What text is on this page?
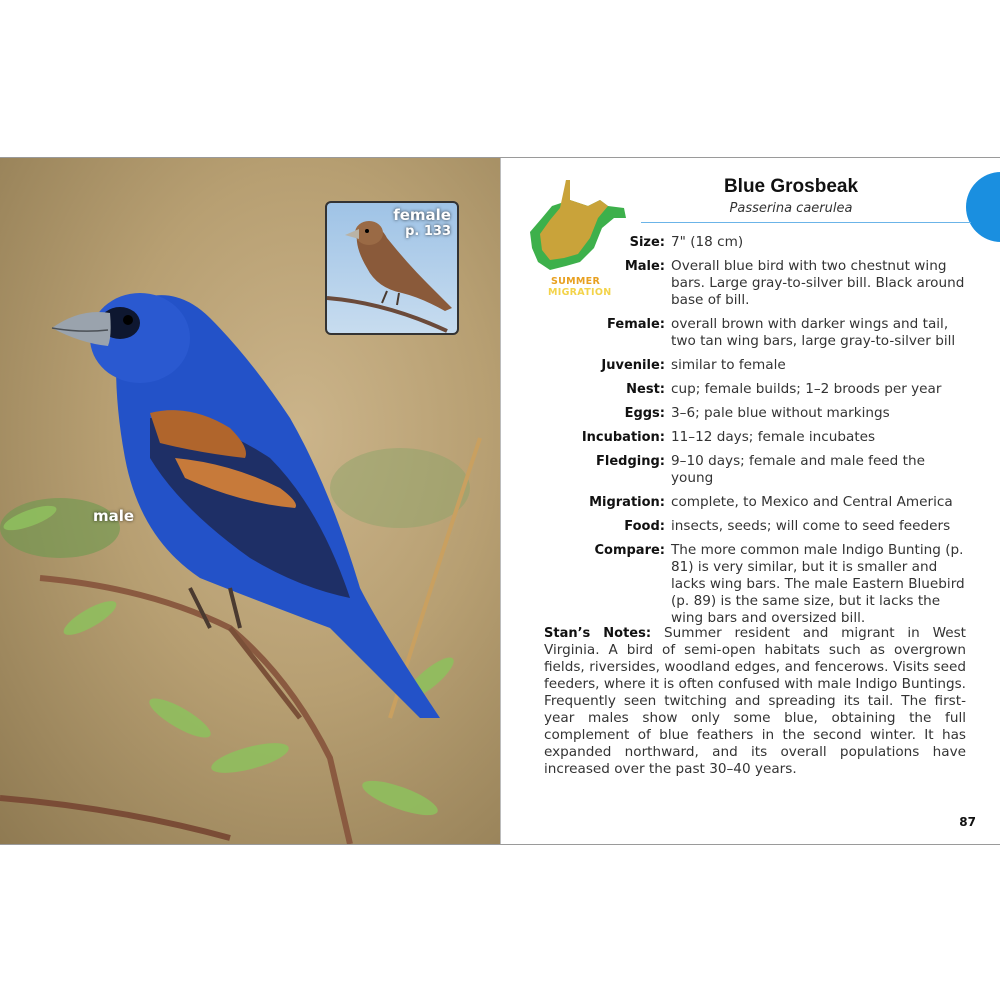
male
female
p. 133
SUMMER
MIGRATION
Blue Grosbeak
Passerina caerulea
Size: 7" (18 cm)
Male: Overall blue bird with two chestnut wing bars. Large gray-to-silver bill. Black around base of bill.
Female: overall brown with darker wings and tail, two tan wing bars, large gray-to-silver bill
Juvenile: similar to female
Nest: cup; female builds; 1–2 broods per year
Eggs: 3–6; pale blue without markings
Incubation: 11–12 days; female incubates
Fledging: 9–10 days; female and male feed the young
Migration: complete, to Mexico and Central America
Food: insects, seeds; will come to seed feeders
Compare: The more common male Indigo Bunting (p. 81) is very similar, but it is smaller and lacks wing bars. The male Eastern Bluebird (p. 89) is the same size, but it lacks the wing bars and oversized bill.
Stan’s Notes: Summer resident and migrant in West Virginia. A bird of semi-open habitats such as overgrown fields, riversides, woodland edges, and fencerows. Visits seed feeders, where it is often confused with male Indigo Buntings. Frequently seen twitching and spreading its tail. The first-year males show only some blue, obtaining the full complement of blue feathers in the second winter. It has expanded northward, and its overall populations have increased over the past 30–40 years.
87
